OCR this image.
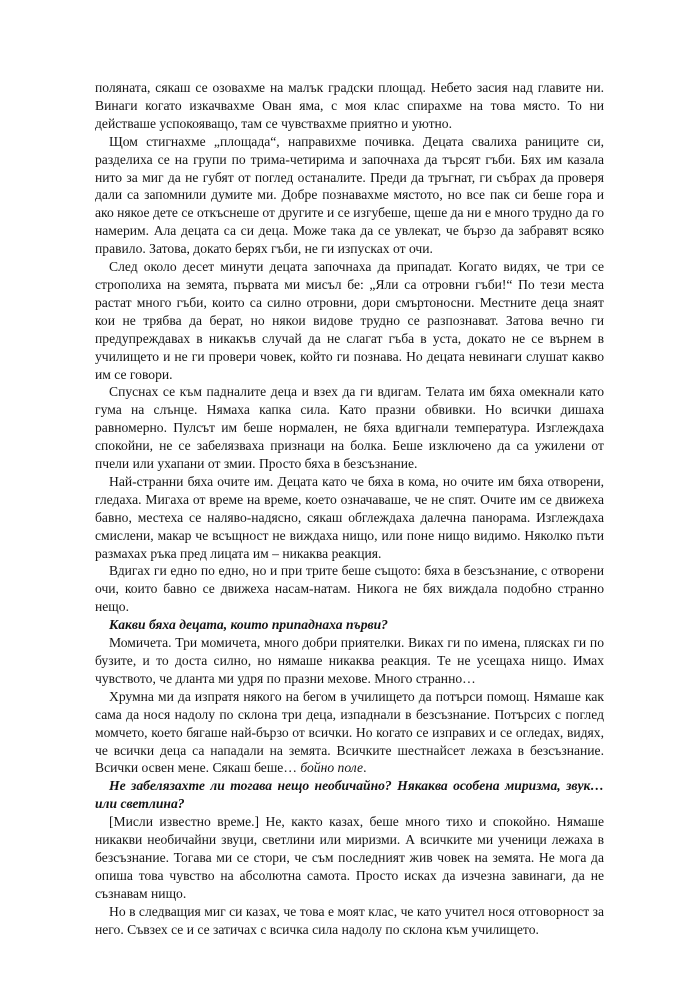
поляната, сякаш се озовахме на малък градски площад. Небето засия над главите ни. Винаги когато изкачвахме Ован яма, с моя клас спирахме на това място. То ни действаше успокояващо, там се чувствахме приятно и уютно.

Щом стигнахме „площада“, направихме почивка. Децата свалиха раниците си, разделиха се на групи по трима-четирима и започнаха да търсят гъби. Бях им казала нито за миг да не губят от поглед останалите. Преди да тръгнат, ги събрах да проверя дали са запомнили думите ми. Добре познавахме мястото, но все пак си беше гора и ако някое дете се откъснеше от другите и се изгубеше, щеше да ни е много трудно да го намерим. Ала децата са си деца. Може така да се увлекат, че бързо да забравят всяко правило. Затова, докато берях гъби, не ги изпусках от очи.

След около десет минути децата започнаха да припадат. Когато видях, че три се строполиха на земята, първата ми мисъл бе: „Яли са отровни гъби!“ По тези места растат много гъби, които са силно отровни, дори смъртоносни. Местните деца знаят кои не трябва да берат, но някои видове трудно се разпознават. Затова вечно ги предупреждавах в никакъв случай да не слагат гъба в уста, докато не се върнем в училището и не ги провери човек, който ги познава. Но децата невинаги слушат какво им се говори.

Спуснах се към падналите деца и взех да ги вдигам. Телата им бяха омекнали като гума на слънце. Нямаха капка сила. Като празни обвивки. Но всички дишаха равномерно. Пулсът им беше нормален, не бяха вдигнали температура. Изглеждаха спокойни, не се забелязваха признаци на болка. Беше изключено да са ужилени от пчели или ухапани от змии. Просто бяха в безсъзнание.

Най-странни бяха очите им. Децата като че бяха в кома, но очите им бяха отворени, гледаха. Мигаха от време на време, което означаваше, че не спят. Очите им се движеха бавно, местеха се наляво-надясно, сякаш обглеждаха далечна панорама. Изглеждаха смислени, макар че всъщност не виждаха нищо, или поне нищо видимо. Няколко пъти размахах ръка пред лицата им – никаква реакция.

Вдигах ги едно по едно, но и при трите беше същото: бяха в безсъзнание, с отворени очи, които бавно се движеха насам-натам. Никога не бях виждала подобно странно нещо.

Какви бяха децата, които припаднаха първи?

Момичета. Три момичета, много добри приятелки. Виках ги по имена, плясках ги по бузите, и то доста силно, но нямаше никаква реакция. Те не усещаха нищо. Имах чувството, че дланта ми удря по празни мехове. Много странно…

Хрумна ми да изпратя някого на бегом в училището да потърси помощ. Нямаше как сама да нося надолу по склона три деца, изпаднали в безсъзнание. Потърсих с поглед момчето, което бягаше най-бързо от всички. Но когато се изправих и се огледах, видях, че всички деца са нападали на земята. Всичките шестнайсет лежаха в безсъзнание. Всички освен мене. Сякаш беше… бойно поле.

Не забелязахте ли тогава нещо необичайно? Някаква особена миризма, звук… или светлина?

[Мисли известно време.] Не, както казах, беше много тихо и спокойно. Нямаше никакви необичайни звуци, светлини или миризми. А всичките ми ученици лежаха в безсъзнание. Тогава ми се стори, че съм последният жив човек на земята. Не мога да опиша това чувство на абсолютна самота. Просто исках да изчезна завинаги, да не съзнавам нищо.

Но в следващия миг си казах, че това е моят клас, че като учител нося отговорност за него. Съвзех се и се затичах с всичка сила надолу по склона към училището.
